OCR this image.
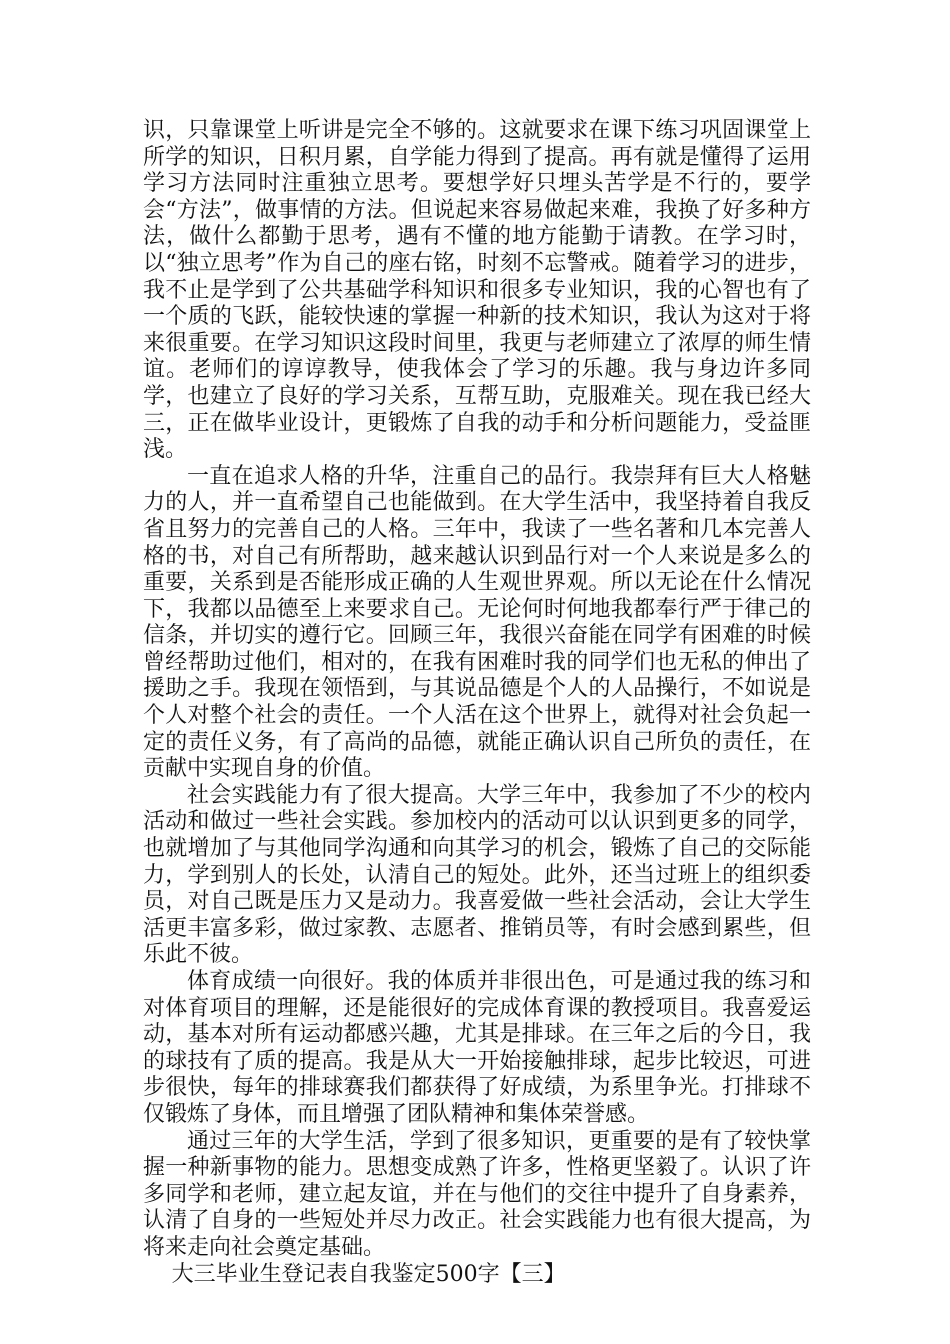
识，只靠课堂上听讲是完全不够的。这就要求在课下练习巩固课堂上所学的知识，日积月累，自学能力得到了提高。再有就是懂得了运用学习方法同时注重独立思考。要想学好只埋头苦学是不行的，要学会“方法”，做事情的方法。但说起来容易做起来难，我换了好多种方法，做什么都勤于思考，遇有不懂的地方能勤于请教。在学习时，以“独立思考”作为自己的座右铭，时刻不忘警戒。随着学习的进步，我不止是学到了公共基础学科知识和很多专业知识，我的心智也有了一个质的飞跃，能较快速的掌握一种新的技术知识，我认为这对于将来很重要。在学习知识这段时间里，我更与老师建立了浓厚的师生情谊。老师们的谆谆教导，使我体会了学习的乐趣。我与身边许多同学，也建立了良好的学习关系，互帮互助，克服难关。现在我已经大三，正在做毕业设计，更锻炼了自我的动手和分析问题能力，受益匪浅。

一直在追求人格的升华，注重自己的品行。我崇拜有巨大人格魅力的人，并一直希望自己也能做到。在大学生活中，我坚持着自我反省且努力的完善自己的人格。三年中，我读了一些名著和几本完善人格的书，对自己有所帮助，越来越认识到品行对一个人来说是多么的重要，关系到是否能形成正确的人生观世界观。所以无论在什么情况下，我都以品德至上来要求自己。无论何时何地我都奉行严于律己的信条，并切实的遵行它。回顾三年，我很兴奋能在同学有困难的时候曾经帮助过他们，相对的，在我有困难时我的同学们也无私的伸出了援助之手。我现在领悟到，与其说品德是个人的人品操行，不如说是个人对整个社会的责任。一个人活在这个世界上，就得对社会负起一定的责任义务，有了高尚的品德，就能正确认识自己所负的责任，在贡献中实现自身的价值。

社会实践能力有了很大提高。大学三年中，我参加了不少的校内活动和做过一些社会实践。参加校内的活动可以认识到更多的同学，也就增加了与其他同学沟通和向其学习的机会，锻炼了自己的交际能力，学到别人的长处，认清自己的短处。此外，还当过班上的组织委员，对自己既是压力又是动力。我喜爱做一些社会活动，会让大学生活更丰富多彩，做过家教、志愿者、推销员等，有时会感到累些，但乐此不彼。

体育成绩一向很好。我的体质并非很出色，可是通过我的练习和对体育项目的理解，还是能很好的完成体育课的教授项目。我喜爱运动，基本对所有运动都感兴趣，尤其是排球。在三年之后的今日，我的球技有了质的提高。我是从大一开始接触排球，起步比较迟，可进步很快，每年的排球赛我们都获得了好成绩，为系里争光。打排球不仅锻炼了身体，而且增强了团队精神和集体荣誉感。

通过三年的大学生活，学到了很多知识，更重要的是有了较快掌握一种新事物的能力。思想变成熟了许多，性格更坚毅了。认识了许多同学和老师，建立起友谊，并在与他们的交往中提升了自身素养，认清了自身的一些短处并尽力改正。社会实践能力也有很大提高，为将来走向社会奠定基础。

大三毕业生登记表自我鉴定500字【三】
